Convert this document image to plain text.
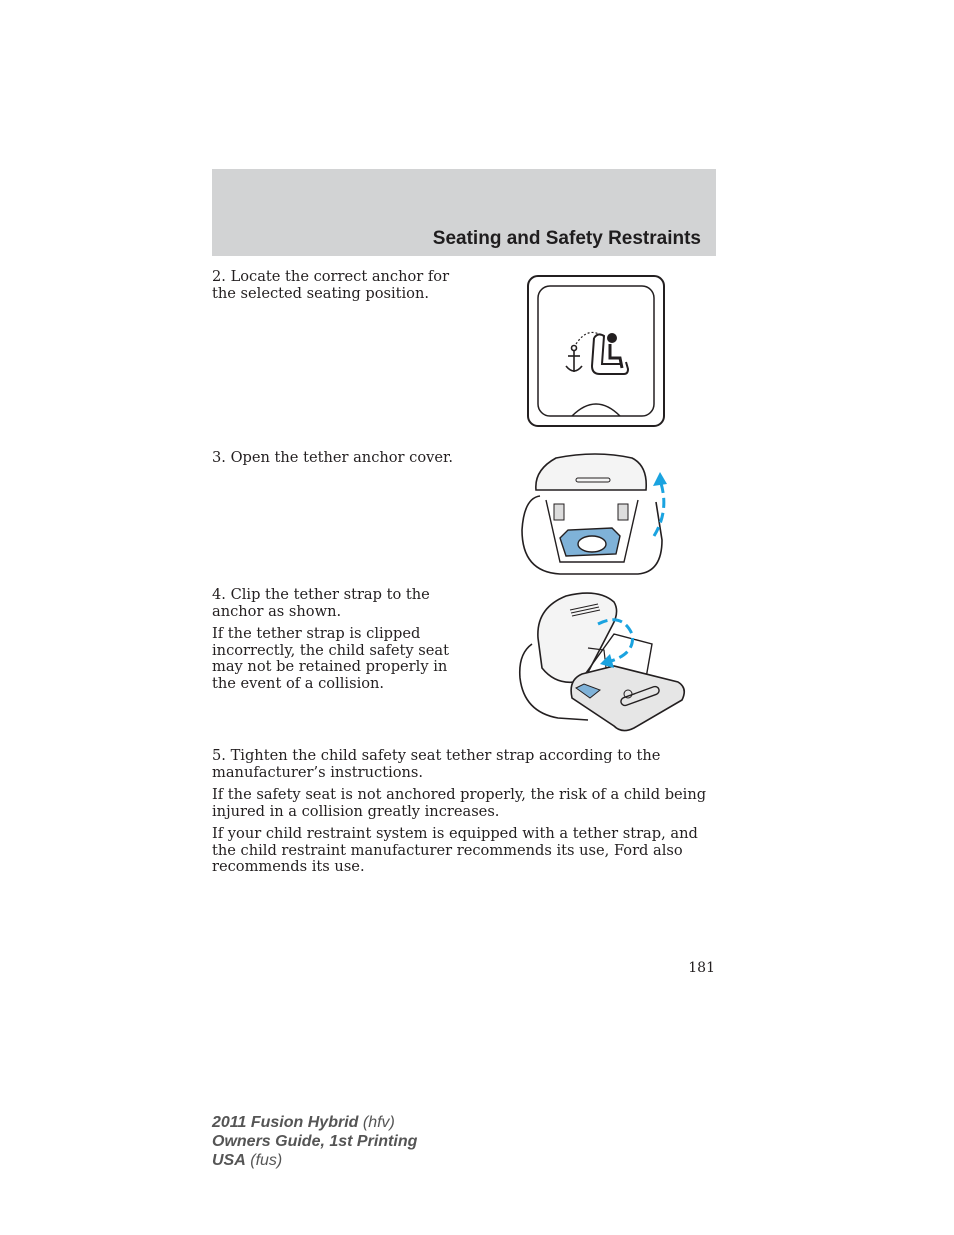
Seating and Safety Restraints

2. Locate the correct anchor for the selected seating position.

3. Open the tether anchor cover.

4. Clip the tether strap to the anchor as shown.

If the tether strap is clipped incorrectly, the child safety seat may not be retained properly in the event of a collision.

5. Tighten the child safety seat tether strap according to the manufacturer’s instructions.

If the safety seat is not anchored properly, the risk of a child being injured in a collision greatly increases.

If your child restraint system is equipped with a tether strap, and the child restraint manufacturer recommends its use, Ford also recommends its use.

181
2011 Fusion Hybrid (hfv)
Owners Guide, 1st Printing
USA (fus)
